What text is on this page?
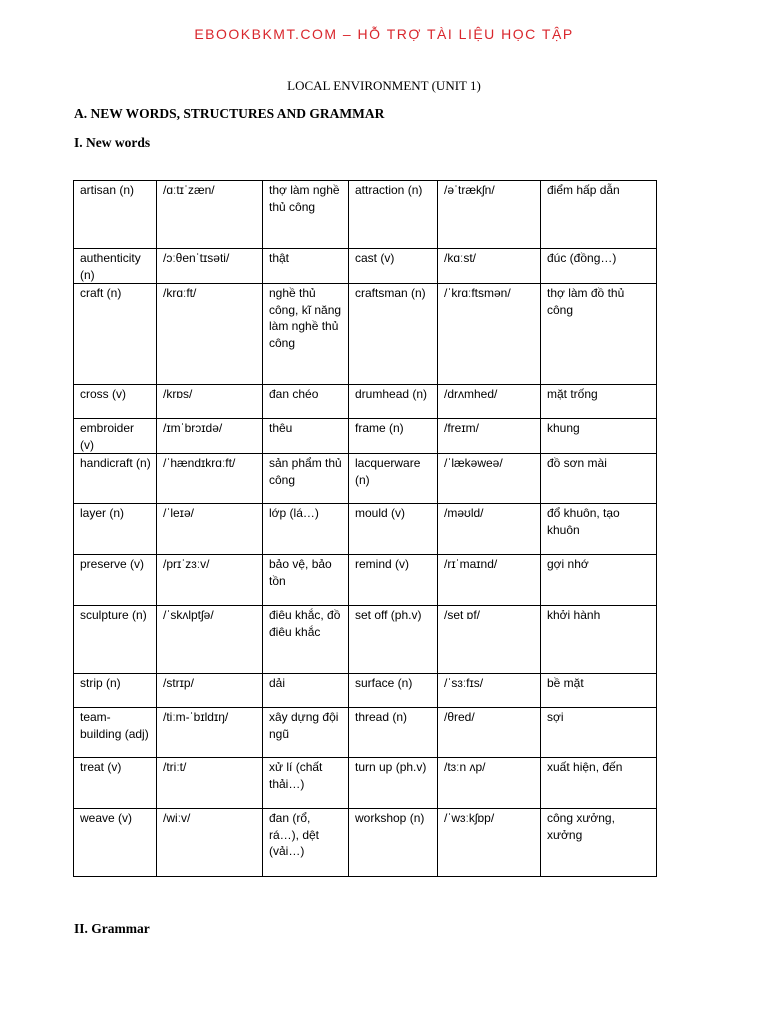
EBOOKBKMT.COM – HỖ TRỢ TÀI LIỆU HỌC TẬP
LOCAL ENVIRONMENT (UNIT 1)
A. NEW WORDS, STRUCTURES AND GRAMMAR
I. New words
artisan (n)	/ɑːtɪˈzæn/	thợ làm nghề thủ công	attraction (n)	/əˈtrækʃn/	điểm hấp dẫn
authenticity (n)	/ɔːθenˈtɪsəti/	thật	cast (v)	/kɑːst/	đúc (đồng…)
craft (n)	/krɑːft/	nghề thủ công, kĩ năng làm nghề thủ công	craftsman (n)	/ˈkrɑːftsmən/	thợ làm đồ thủ công
cross (v)	/krɒs/	đan chéo	drumhead (n)	/drʌmhed/	mặt trống
embroider (v)	/ɪmˈbrɔɪdə/	thêu	frame (n)	/freɪm/	khung
handicraft (n)	/ˈhændɪkrɑːft/	sản phẩm thủ công	lacquerware (n)	/ˈlækəweə/	đồ sơn mài
layer (n)	/ˈleɪə/	lớp (lá…)	mould (v)	/məʊld/	đổ khuôn, tạo khuôn
preserve (v)	/prɪˈzɜːv/	bảo vệ, bảo tồn	remind (v)	/rɪˈmaɪnd/	gợi nhớ
sculpture (n)	/ˈskʌlptʃə/	điêu khắc, đồ điêu khắc	set off (ph.v)	/set ɒf/	khởi hành
strip (n)	/strɪp/	dải	surface (n)	/ˈsɜːfɪs/	bề mặt
team-building (adj)	/tiːm-ˈbɪldɪŋ/	xây dựng đội ngũ	thread (n)	/θred/	sợi
treat (v)	/triːt/	xử lí (chất thải…)	turn up (ph.v)	/tɜːn ʌp/	xuất hiện, đến
weave (v)	/wiːv/	đan (rổ, rá…), dệt (vải…)	workshop (n)	/ˈwɜːkʃɒp/	công xưởng, xưởng
II. Grammar
